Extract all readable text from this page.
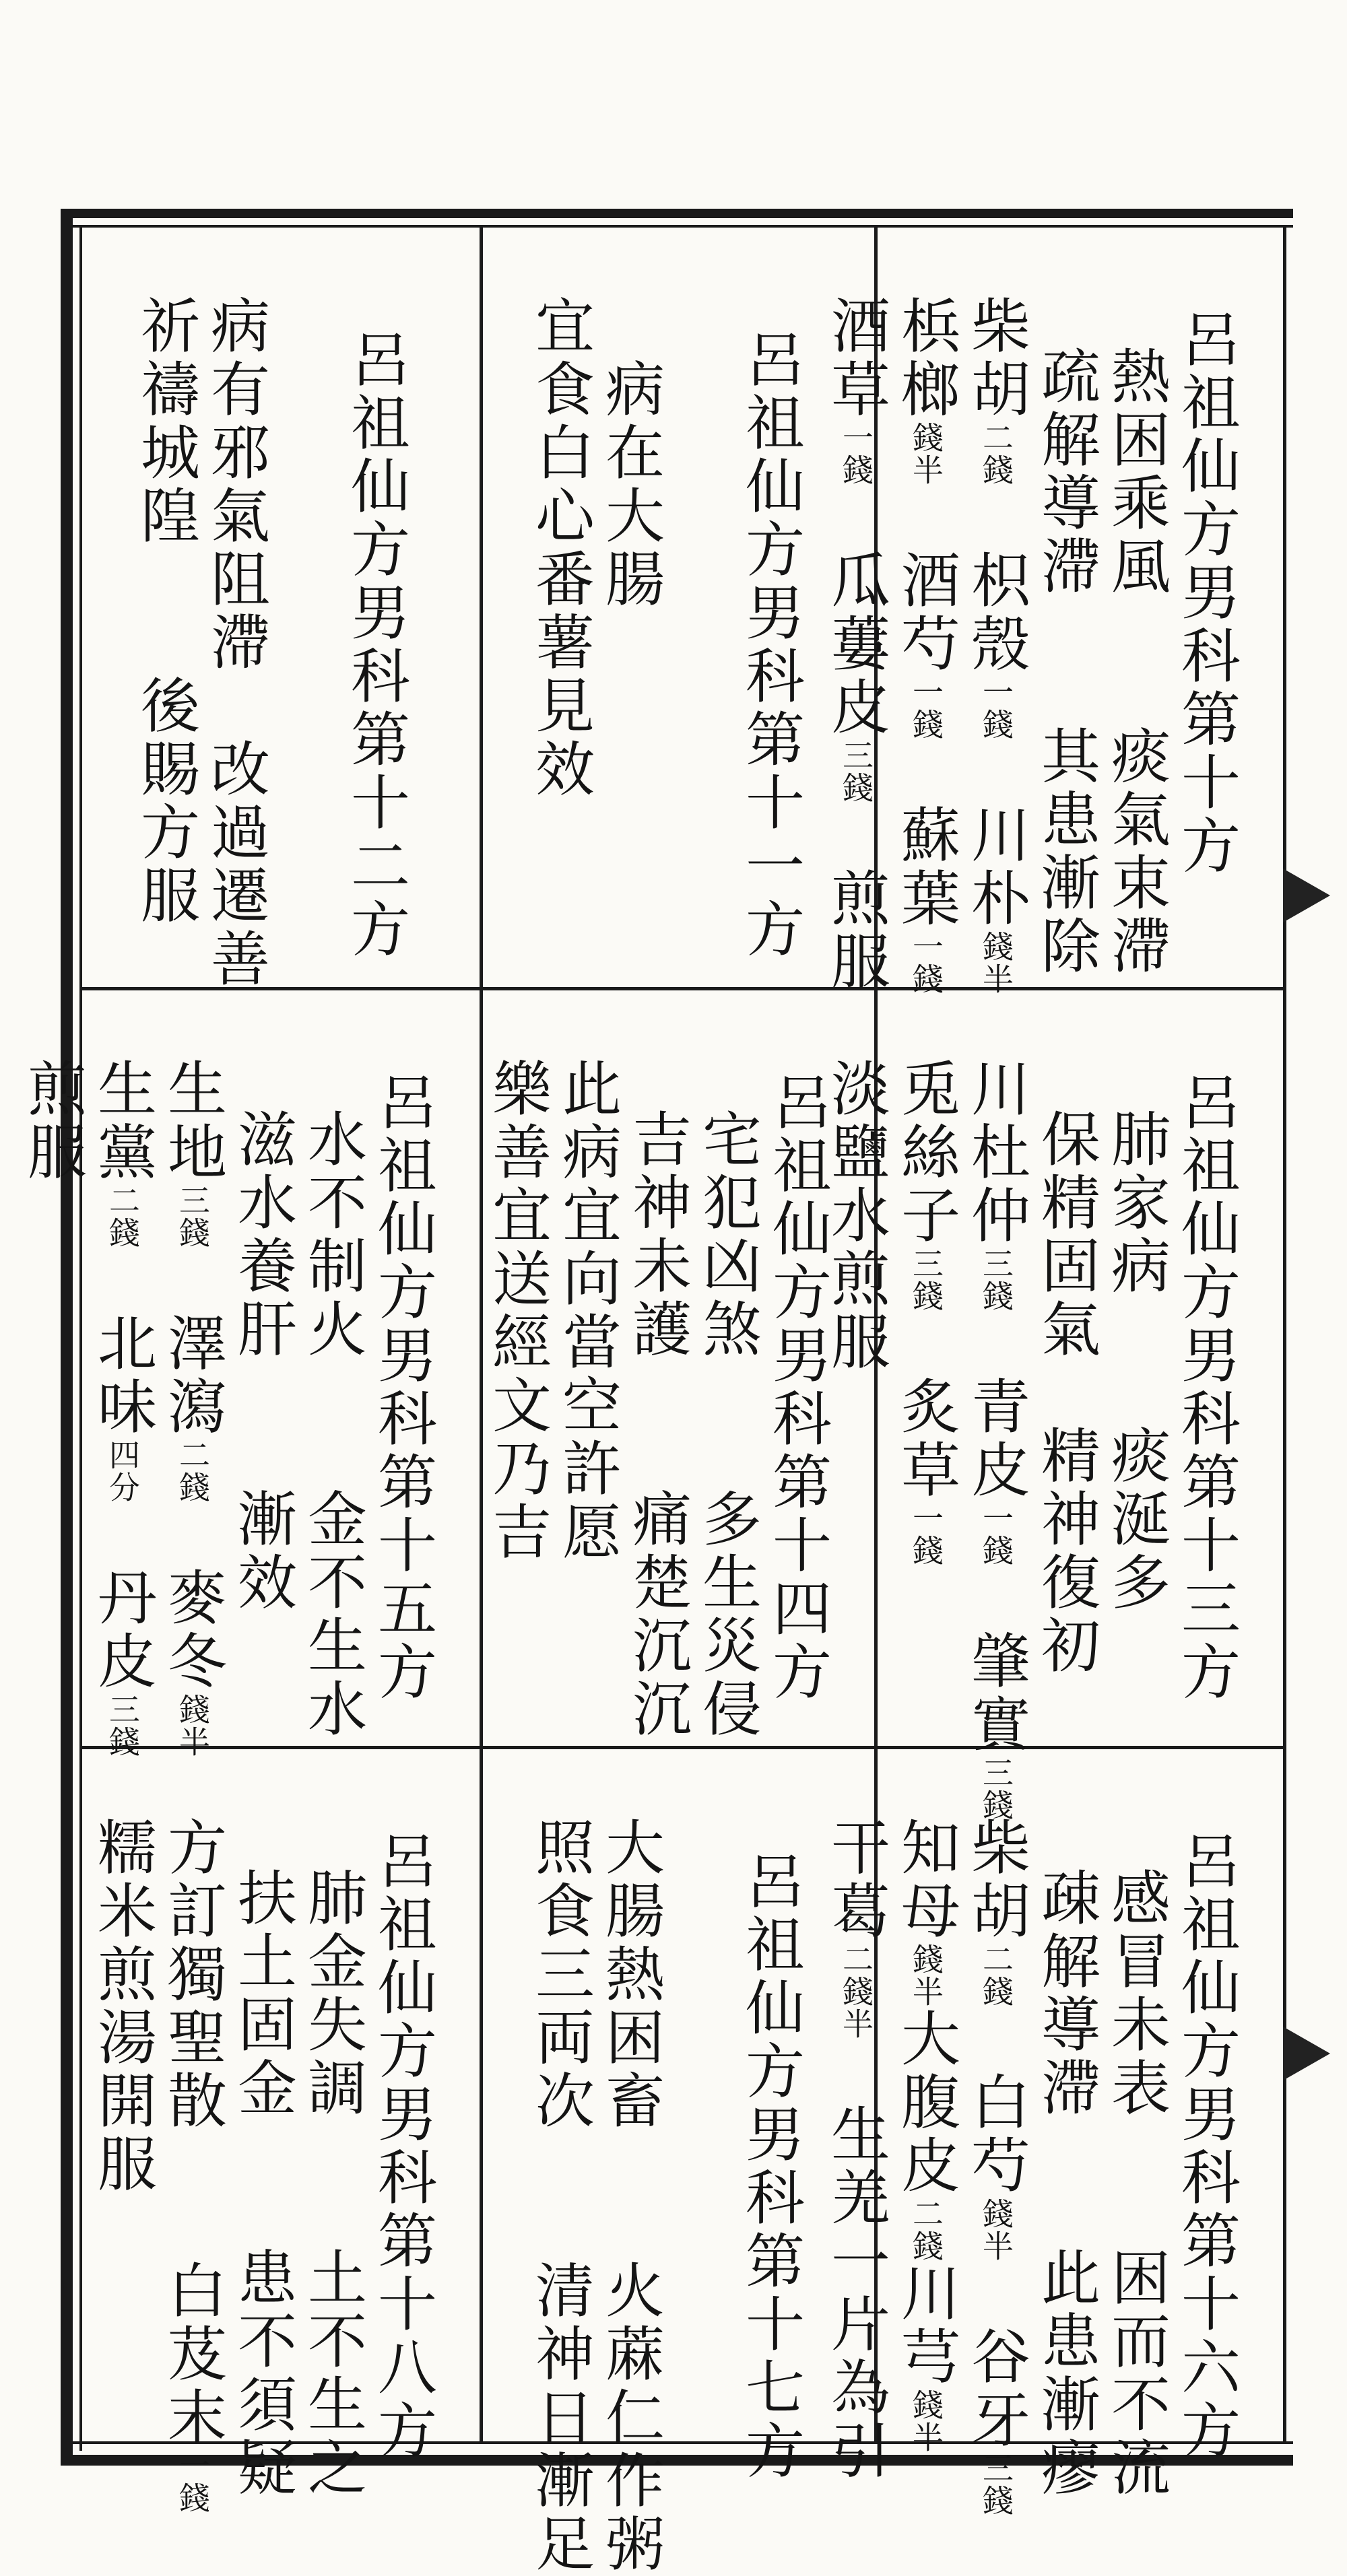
呂祖仙方男科第十方
熱困乘風　　痰氣束滯
疏解導滯　　其患漸除
柴胡二錢　枳殼一錢　川朴錢半
梹榔錢半　酒芍一錢　蘇葉一錢
酒草一錢　瓜蔞皮三錢　煎服
呂祖仙方男科第十一方
　病在大腸
宜食白心番薯見效
呂祖仙方男科第十二方
病有邪氣阻滯　改過遷善
祈禱城隍　　後賜方服
呂祖仙方男科第十三方
肺家病　　痰涎多
保精固氣　精神復初
川杜仲三錢　青皮一錢　肇實三錢
兎絲子三錢　炙草一錢
淡鹽水煎服
呂祖仙方男科第十四方
宅犯凶煞　　多生災侵
吉神未護　　痛楚沉沉
此病宜向當空許愿
樂善宜送經文乃吉
呂祖仙方男科第十五方
水不制火　　金不生水
滋水養肝　　漸效
生地三錢　澤瀉二錢　麥冬錢半
生黨二錢　北味四分　丹皮三錢
煎服
呂祖仙方男科第十六方
感冒未表　　困而不流
疎解導滯　　此患漸瘳
柴胡二錢　白芍錢半　谷牙三錢
知母錢半大腹皮二錢川芎錢半
干葛二錢半　生羌一片為引
呂祖仙方男科第十七方
大腸熱困畜　　火蔴仁作粥
照食三両次　　清神日漸足
呂祖仙方男科第十八方
肺金失調　　土不生之
扶土固金　　患不須疑
方訂獨聖散　　白芨末一錢
糯米煎湯開服
